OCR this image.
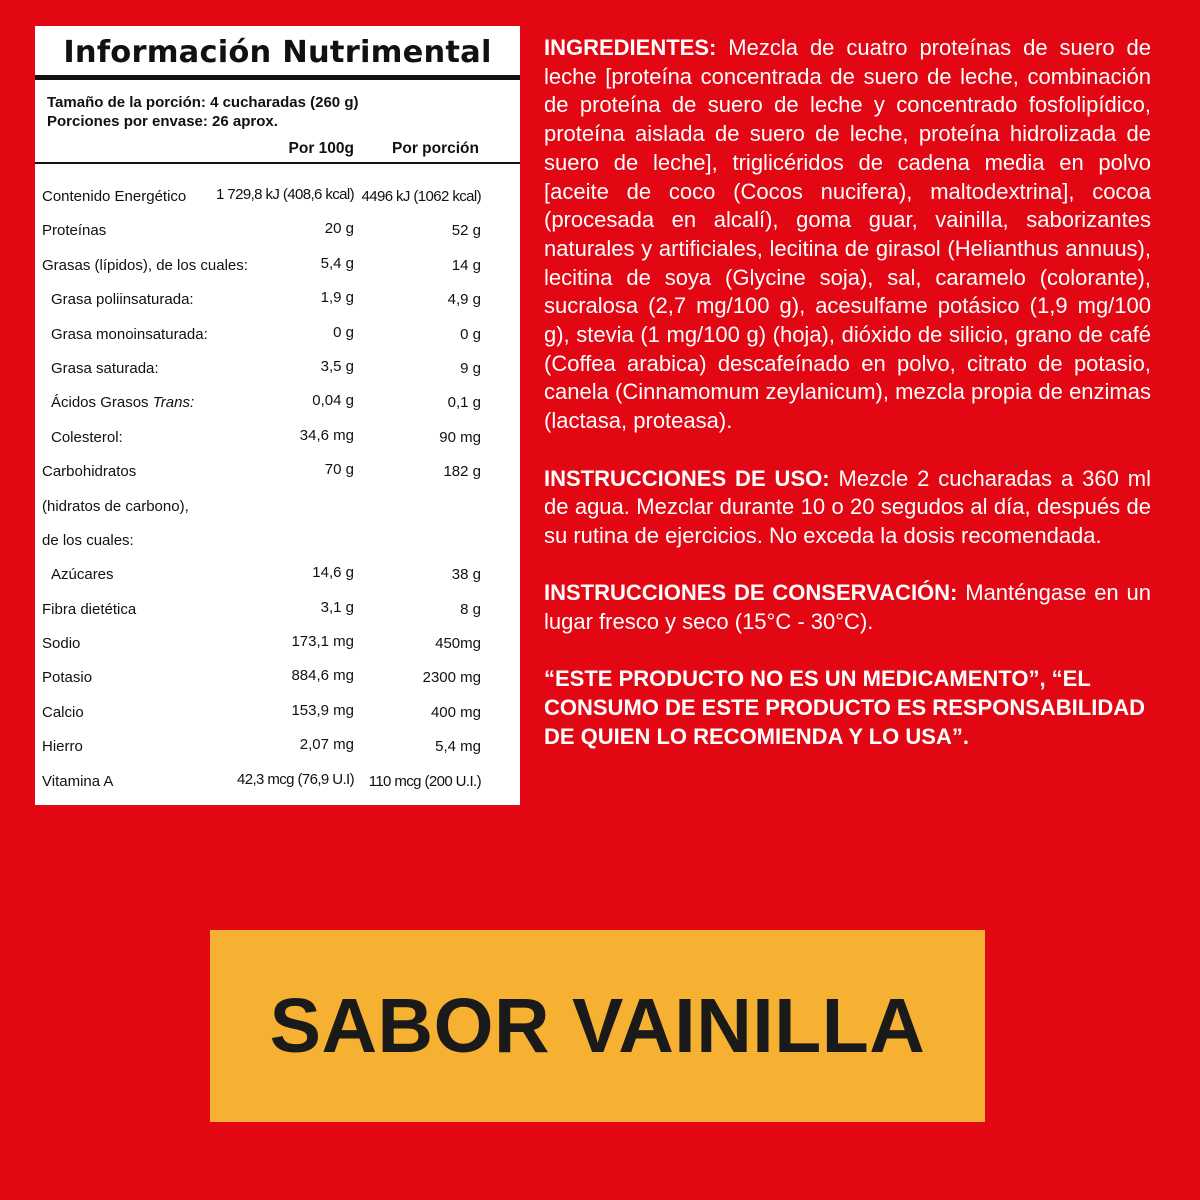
Información Nutrimental
Tamaño de la porción: 4 cucharadas (260 g)
Porciones por envase: 26 aprox.
Por 100g Por porción
Contenido Energético 1 729,8 kJ (408,6 kcal) 4496 kJ (1062 kcal)
Proteínas	20 g	52 g
Grasas (lípidos), de los cuales:	5,4 g	14 g
Grasa poliinsaturada:	1,9 g	4,9 g
Grasa monoinsaturada:	0 g	0 g
Grasa saturada:	3,5 g	9 g
Ácidos Grasos Trans:	0,04 g	0,1 g
Colesterol:	34,6 mg	90 mg
Carbohidratos	70 g	182 g
(hidratos de carbono),
de los cuales:
Azúcares	14,6 g	38 g
Fibra dietética	3,1 g	8 g
Sodio	173,1 mg	450mg
Potasio	884,6 mg	2300 mg
Calcio	153,9 mg	400 mg
Hierro	2,07 mg	5,4 mg
Vitamina A	42,3 mcg (76,9 U.I) 110 mcg (200 U.I.)

INGREDIENTES: Mezcla de cuatro proteínas de suero de leche [proteína concentrada de suero de leche, combinación de proteína de suero de leche y concentrado fosfolipídico, proteína aislada de suero de leche, proteína hidrolizada de suero de leche], triglicéridos de cadena media en polvo [aceite de coco (Cocos nucifera), maltodextrina], cocoa (procesada en alcalí), goma guar, vainilla, saborizantes naturales y artificiales, lecitina de girasol (Helianthus annuus), lecitina de soya (Glycine soja), sal, caramelo (colorante), sucralosa (2,7 mg/100 g), acesulfame potásico (1,9 mg/100 g), stevia (1 mg/100 g) (hoja), dióxido de silicio, grano de café (Coffea arabica) descafeínado en polvo, citrato de potasio, canela (Cinnamomum zeylanicum), mezcla propia de enzimas (lactasa, proteasa).

INSTRUCCIONES DE USO: Mezcle 2 cucharadas a 360 ml de agua. Mezclar durante 10 o 20 segudos al día, después de su rutina de ejercicios. No exceda la dosis recomendada.

INSTRUCCIONES DE CONSERVACIÓN: Manténgase en un lugar fresco y seco (15°C - 30°C).

“ESTE PRODUCTO NO ES UN MEDICAMENTO”, “EL CONSUMO DE ESTE PRODUCTO ES RESPONSABILIDAD DE QUIEN LO RECOMIENDA Y LO USA”.

SABOR VAINILLA
